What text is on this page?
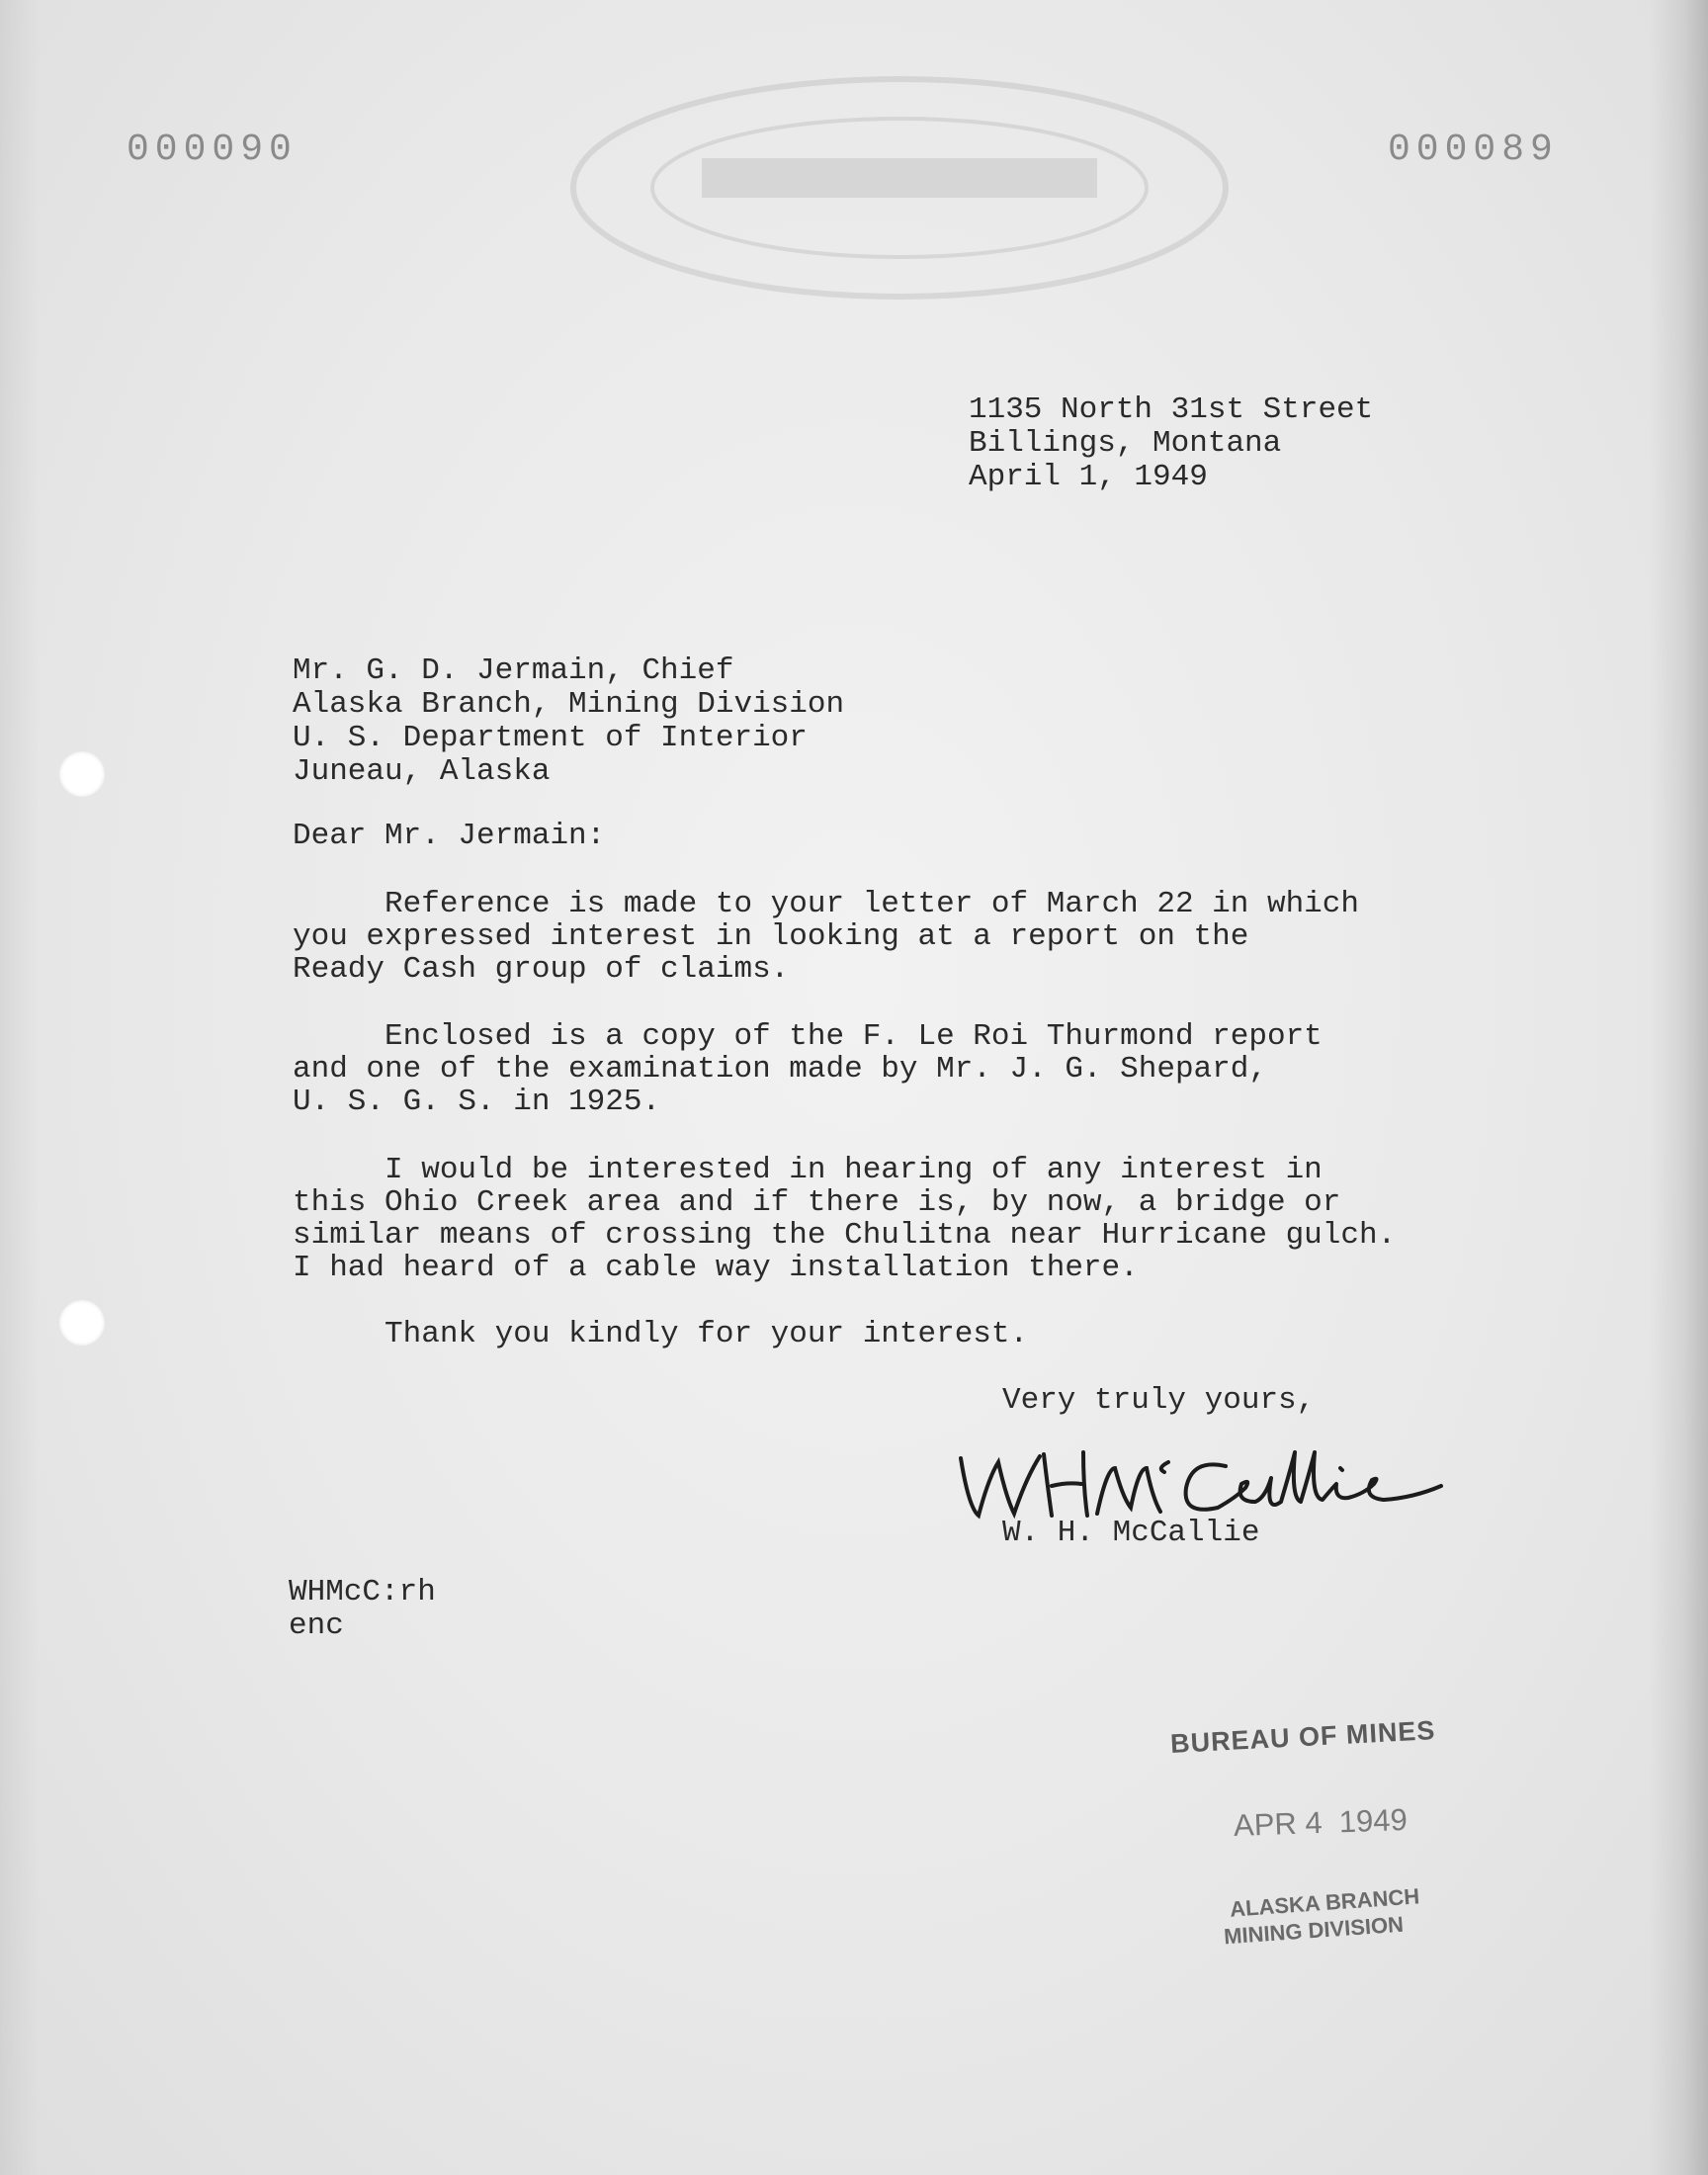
000090	000089
1135 North 31st Street
Billings, Montana
April 1, 1949
Mr. G. D. Jermain, Chief
Alaska Branch, Mining Division
U. S. Department of Interior
Juneau, Alaska
Dear Mr. Jermain:
Reference is made to your letter of March 22 in which
you expressed interest in looking at a report on the
Ready Cash group of claims.
Enclosed is a copy of the F. Le Roi Thurmond report
and one of the examination made by Mr. J. G. Shepard,
U. S. G. S. in 1925.
I would be interested in hearing of any interest in
this Ohio Creek area and if there is, by now, a bridge or
similar means of crossing the Chulitna near Hurricane gulch.
I had heard of a cable way installation there.
Thank you kindly for your interest.
Very truly yours,
W. H. McCallie
WHMcC:rh
enc
BUREAU OF MINES
APR 4  1949
ALASKA BRANCH
MINING DIVISION
